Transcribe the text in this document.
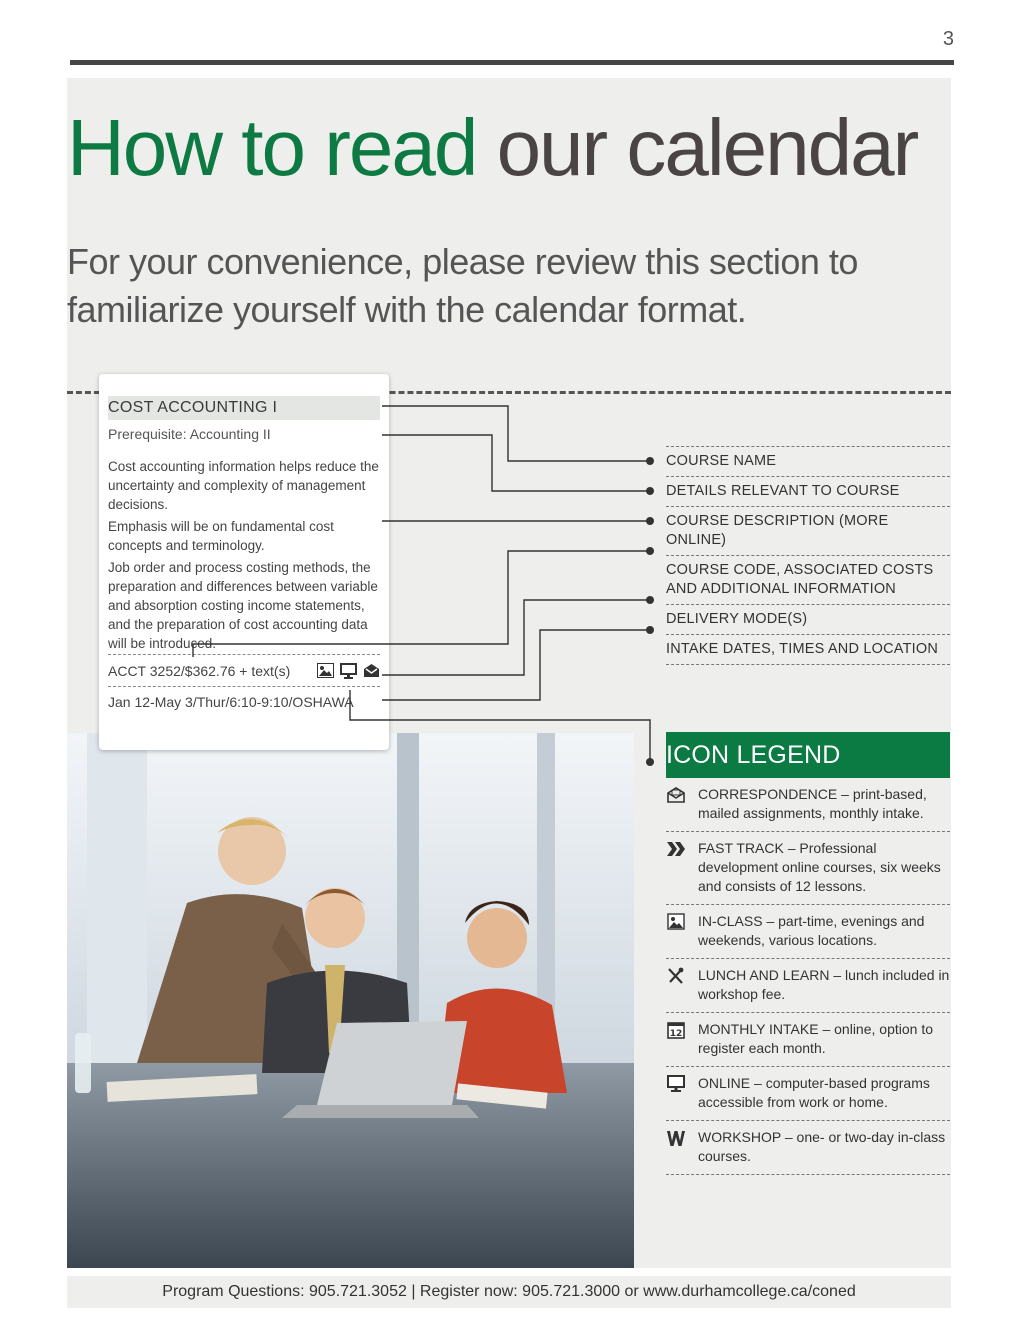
3
How to read our calendar
For your convenience, please review this section to familiarize yourself with the calendar format.
COST ACCOUNTING I
Prerequisite: Accounting II

Cost accounting information helps reduce the uncertainty and complexity of management decisions.

Emphasis will be on fundamental cost concepts and terminology.

Job order and process costing methods, the preparation and differences between variable and absorption costing income statements, and the preparation of cost accounting data will be introduced.

ACCT 3252/$362.76 + text(s)
Jan 12-May 3/Thur/6:10-9:10/OSHAWA
COURSE NAME
DETAILS RELEVANT TO COURSE
COURSE DESCRIPTION (MORE ONLINE)
COURSE CODE, ASSOCIATED COSTS AND ADDITIONAL INFORMATION
DELIVERY MODE(S)
INTAKE DATES, TIMES AND LOCATION
ICON LEGEND
CORRESPONDENCE – print-based, mailed assignments, monthly intake.
FAST TRACK – Professional development online courses, six weeks and consists of 12 lessons.
IN-CLASS – part-time, evenings and weekends, various locations.
LUNCH AND LEARN – lunch included in workshop fee.
12 MONTHLY INTAKE – online, option to register each month.
ONLINE – computer-based programs accessible from work or home.
WORKSHOP – one- or two-day in-class courses.
Program Questions: 905.721.3052 | Register now: 905.721.3000 or www.durhamcollege.ca/coned
